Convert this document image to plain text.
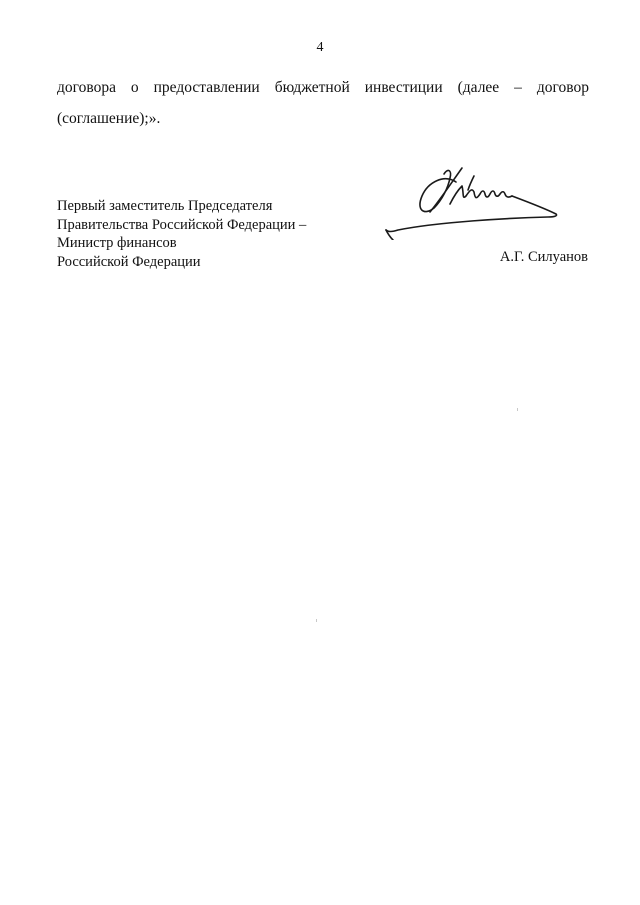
4
договора о предоставлении бюджетной инвестиции (далее – договор
(соглашение);».
Первый заместитель Председателя
Правительства Российской Федерации –
Министр финансов
Российской Федерации	А.Г. Силуанов
